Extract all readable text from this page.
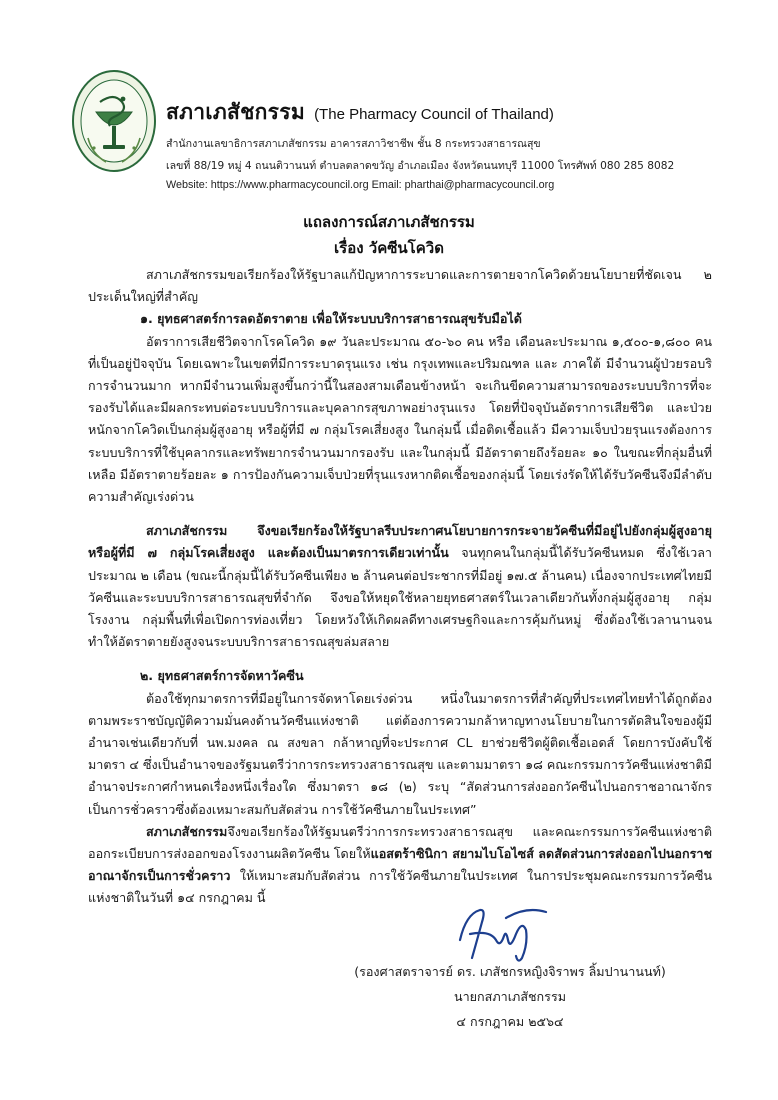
สภาเภสัชกรรม (The Pharmacy Council of Thailand)
สำนักงานเลขาธิการสภาเภสัชกรรม อาคารสภาวิชาชีพ ชั้น 8 กระทรวงสาธารณสุข
เลขที่ 88/19 หมู่ 4 ถนนติวานนท์ ตำบลตลาดขวัญ อำเภอเมือง จังหวัดนนทบุรี 11000 โทรศัพท์ 080 285 8082
Website: https://www.pharmacycouncil.org Email: pharthai@pharmacycouncil.org
แถลงการณ์สภาเภสัชกรรม
เรื่อง วัคซีนโควิด

สภาเภสัชกรรมขอเรียกร้องให้รัฐบาลแก้ปัญหาการระบาดและการตายจากโควิดด้วยนโยบายที่ชัดเจน ๒ ประเด็นใหญ่ที่สำคัญ

๑. ยุทธศาสตร์การลดอัตราตาย เพื่อให้ระบบบริการสาธารณสุขรับมือได้

อัตราการเสียชีวิตจากโรคโควิด ๑๙ วันละประมาณ ๕๐-๖๐ คน หรือ เดือนละประมาณ ๑,๕๐๐-๑,๘๐๐ คน ที่เป็นอยู่ปัจจุบัน โดยเฉพาะในเขตที่มีการระบาดรุนแรง เช่น กรุงเทพและปริมณฑล และ ภาคใต้ มีจำนวนผู้ป่วยรอบริการจำนวนมาก หากมีจำนวนเพิ่มสูงขึ้นกว่านี้ในสองสามเดือนข้างหน้า จะเกินขีดความสามารถของระบบบริการที่จะรองรับได้และมีผลกระทบต่อระบบบริการและบุคลากรสุขภาพอย่างรุนแรง โดยที่ปัจจุบันอัตราการเสียชีวิต และป่วยหนักจากโควิดเป็นกลุ่มผู้สูงอายุ หรือผู้ที่มี ๗ กลุ่มโรคเสี่ยงสูง ในกลุ่มนี้ เมื่อติดเชื้อแล้ว มีความเจ็บป่วยรุนแรงต้องการระบบบริการที่ใช้บุคลากรและทรัพยากรจำนวนมากรองรับ และในกลุ่มนี้ มีอัตราตายถึงร้อยละ ๑๐ ในขณะที่กลุ่มอื่นที่เหลือ มีอัตราตายร้อยละ ๑ การป้องกันความเจ็บป่วยที่รุนแรงหากติดเชื้อของกลุ่มนี้ โดยเร่งรัดให้ได้รับวัคซีนจึงมีลำดับความสำคัญเร่งด่วน

สภาเภสัชกรรม จึงขอเรียกร้องให้รัฐบาลรีบประกาศนโยบายการกระจายวัคซีนที่มีอยู่ไปยังกลุ่มผู้สูงอายุ หรือผู้ที่มี ๗ กลุ่มโรคเสี่ยงสูง และต้องเป็นมาตรการเดียวเท่านั้น จนทุกคนในกลุ่มนี้ได้รับวัคซีนหมด ซึ่งใช้เวลาประมาณ ๒ เดือน (ขณะนี้กลุ่มนี้ได้รับวัคซีนเพียง ๒ ล้านคนต่อประชากรที่มีอยู่ ๑๗.๕ ล้านคน) เนื่องจากประเทศไทยมีวัคซีนและระบบบริการสาธารณสุขที่จำกัด จึงขอให้หยุดใช้หลายยุทธศาสตร์ในเวลาเดียวกันทั้งกลุ่มผู้สูงอายุ กลุ่มโรงงาน กลุ่มพื้นที่เพื่อเปิดการท่องเที่ยว โดยหวังให้เกิดผลดีทางเศรษฐกิจและการคุ้มกันหมู่ ซึ่งต้องใช้เวลานานจนทำให้อัตราตายยังสูงจนระบบบริการสาธารณสุขล่มสลาย

๒. ยุทธศาสตร์การจัดหาวัคซีน

ต้องใช้ทุกมาตรการที่มีอยู่ในการจัดหาโดยเร่งด่วน หนึ่งในมาตรการที่สำคัญที่ประเทศไทยทำได้ถูกต้องตามพระราชบัญญัติความมั่นคงด้านวัคซีนแห่งชาติ แต่ต้องการความกล้าหาญทางนโยบายในการตัดสินใจของผู้มีอำนาจเช่นเดียวกับที่ นพ.มงคล ณ สงขลา กล้าหาญที่จะประกาศ CL ยาช่วยชีวิตผู้ติดเชื้อเอดส์ โดยการบังคับใช้ มาตรา ๔ ซึ่งเป็นอำนาจของรัฐมนตรีว่าการกระทรวงสาธารณสุข และตามมาตรา ๑๘ คณะกรรมการวัคซีนแห่งชาติมีอำนาจประกาศกำหนดเรื่องหนึ่งเรื่องใด ซึ่งมาตรา ๑๘ (๒) ระบุ “สัดส่วนการส่งออกวัคซีนไปนอกราชอาณาจักรเป็นการชั่วคราวซึ่งต้องเหมาะสมกับสัดส่วน การใช้วัคซีนภายในประเทศ”

สภาเภสัชกรรมจึงขอเรียกร้องให้รัฐมนตรีว่าการกระทรวงสาธารณสุข และคณะกรรมการวัคซีนแห่งชาติออกระเบียบการส่งออกของโรงงานผลิตวัคซีน โดยให้แอสตร้าซินิกา สยามไบโอไซส์ ลดสัดส่วนการส่งออกไปนอกราชอาณาจักรเป็นการชั่วคราว ให้เหมาะสมกับสัดส่วน การใช้วัคซีนภายในประเทศ ในการประชุมคณะกรรมการวัคซีนแห่งชาติในวันที่ ๑๔ กรกฎาคม นี้

(รองศาสตราจารย์ ดร. เภสัชกรหญิงจิราพร ลิ้มปานานนท์)
นายกสภาเภสัชกรรม
๔ กรกฎาคม ๒๕๖๔
